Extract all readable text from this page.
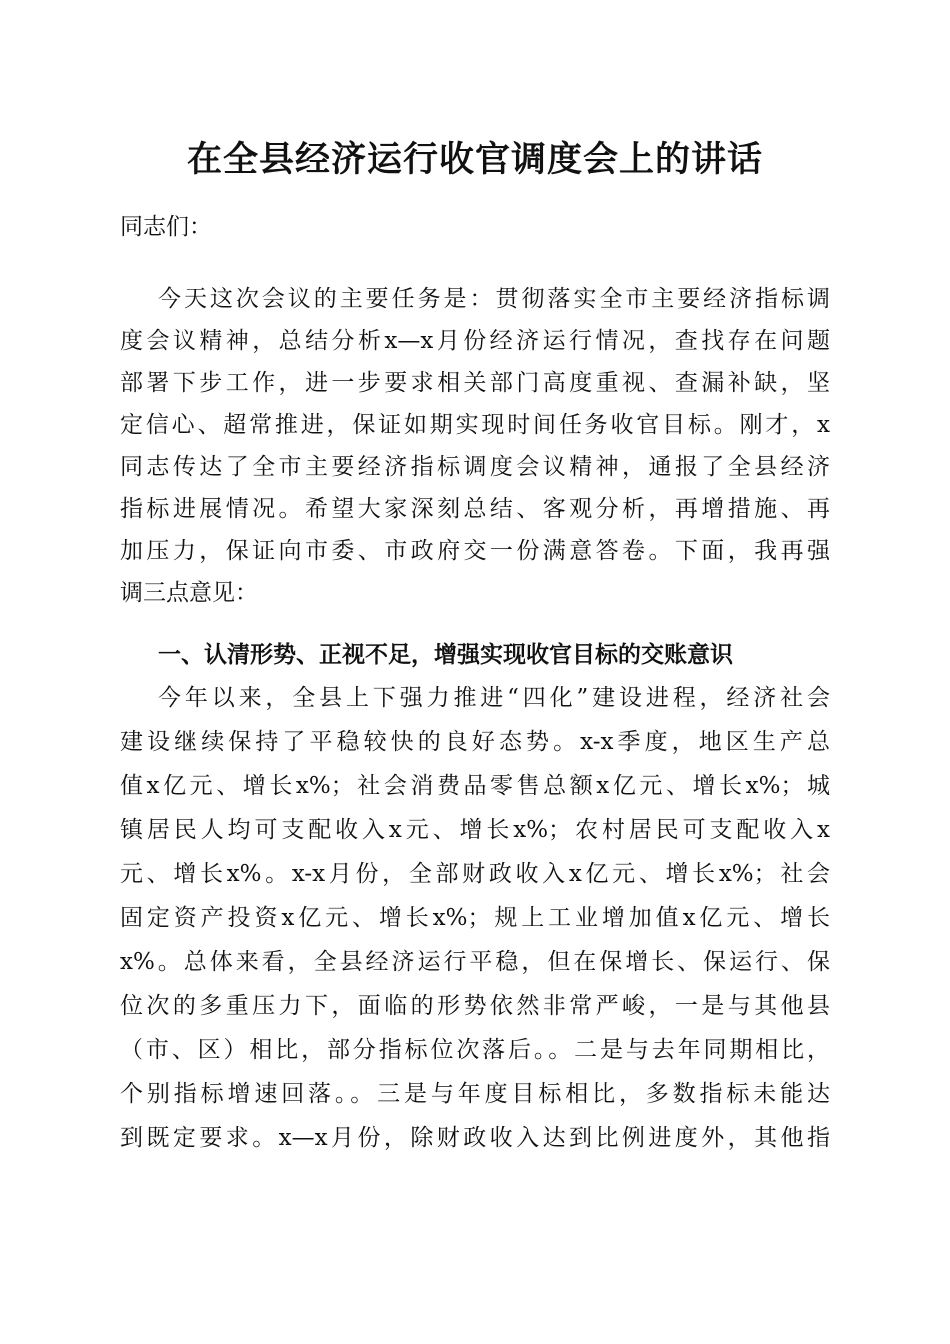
在全县经济运行收官调度会上的讲话
同志们：
今天这次会议的主要任务是：贯彻落实全市主要经济指标调
度会议精神，总结分析x—x月份经济运行情况，查找存在问题
部署下步工作，进一步要求相关部门高度重视、查漏补缺，坚
定信心、超常推进，保证如期实现时间任务收官目标。刚才，x
同志传达了全市主要经济指标调度会议精神，通报了全县经济
指标进展情况。希望大家深刻总结、客观分析，再增措施、再
加压力，保证向市委、市政府交一份满意答卷。下面，我再强
调三点意见：
一、认清形势、正视不足，增强实现收官目标的交账意识
今年以来，全县上下强力推进“四化”建设进程，经济社会
建设继续保持了平稳较快的良好态势。x-x季度，地区生产总
值x亿元、增长x%；社会消费品零售总额x亿元、增长x%；城
镇居民人均可支配收入x元、增长x%；农村居民可支配收入x
元、增长x%。x-x月份，全部财政收入x亿元、增长x%；社会
固定资产投资x亿元、增长x%；规上工业增加值x亿元、增长
x%。总体来看，全县经济运行平稳，但在保增长、保运行、保
位次的多重压力下，面临的形势依然非常严峻，一是与其他县
（市、区）相比，部分指标位次落后。。二是与去年同期相比，
个别指标增速回落。。三是与年度目标相比，多数指标未能达
到既定要求。x—x月份，除财政收入达到比例进度外，其他指
